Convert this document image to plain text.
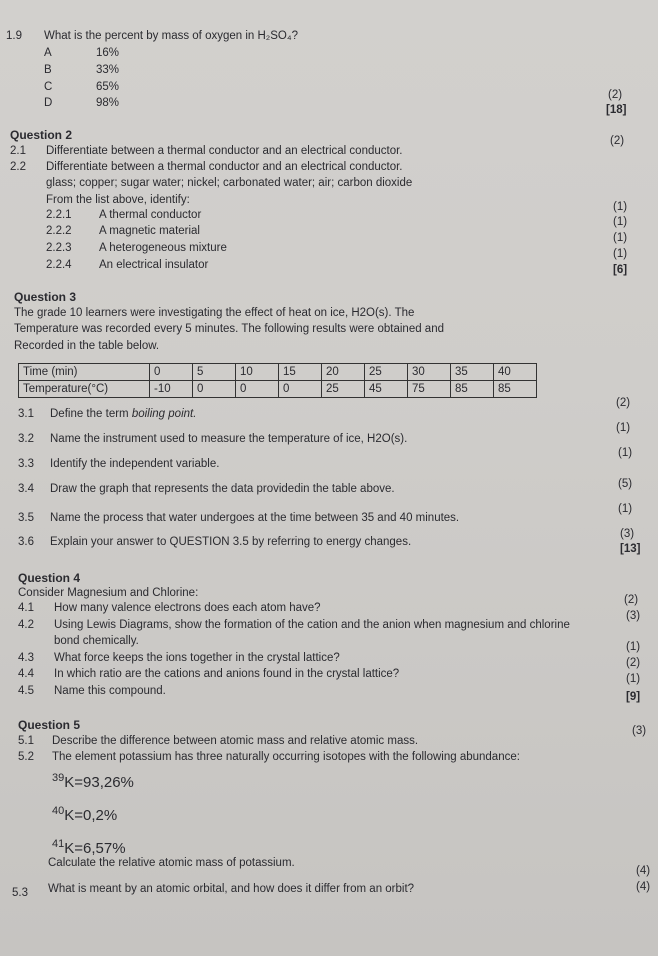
1.9 What is the percent by mass of oxygen in H₂SO₄?
A	16%
B	33%
C	65%
D	98%
(2)
[18]
Question 2	(2)
2.1 Differentiate between a thermal conductor and an electrical conductor.
2.2 Differentiate between a thermal conductor and an electrical conductor.
glass; copper; sugar water; nickel; carbonated water; air; carbon dioxide
From the list above, identify:
2.2.1 A thermal conductor
(1)
2.2.2 A magnetic material
(1)
2.2.3 A heterogeneous mixture
(1)
2.2.4 An electrical insulator
(1)
[6]
Question 3
The grade 10 learners were investigating the effect of heat on ice, H2O(s). The
Temperature was recorded every 5 minutes. The following results were obtained and
Recorded in the table below.
Time (min)	0	5	10	15	20	25	30	35	40
Temperature(°C)	-10	0	0	0	25	45	75	85	85
3.1 Define the term boiling point.
(2)
3.2 Name the instrument used to measure the temperature of ice, H2O(s).
(1)
3.3 Identify the independent variable.
(1)
3.4 Draw the graph that represents the data providedin the table above.	(5)
3.5 Name the process that water undergoes at the time between 35 and 40 minutes.
(1)
3.6 Explain your answer to QUESTION 3.5 by referring to energy changes.
(3)
[13]
Question 4
Consider Magnesium and Chlorine:
4.1 How many valence electrons does each atom have?
(2)
4.2 Using Lewis Diagrams, show the formation of the cation and the anion when magnesium and chlorine
bond chemically.
(3)
4.3 What force keeps the ions together in the crystal lattice?
(1)
4.4 In which ratio are the cations and anions found in the crystal lattice?
(2)
4.5 Name this compound.
(1)
[9]
Question 5
5.1 Describe the difference between atomic mass and relative atomic mass.
(3)
5.2 The element potassium has three naturally occurring isotopes with the following abundance:
$^{39}$K=93,26%
$^{40}$K=0,2%
$^{41}$K=6,57%
Calculate the relative atomic mass of potassium.
(4)
5.3 What is meant by an atomic orbital, and how does it differ from an orbit?	(4)
